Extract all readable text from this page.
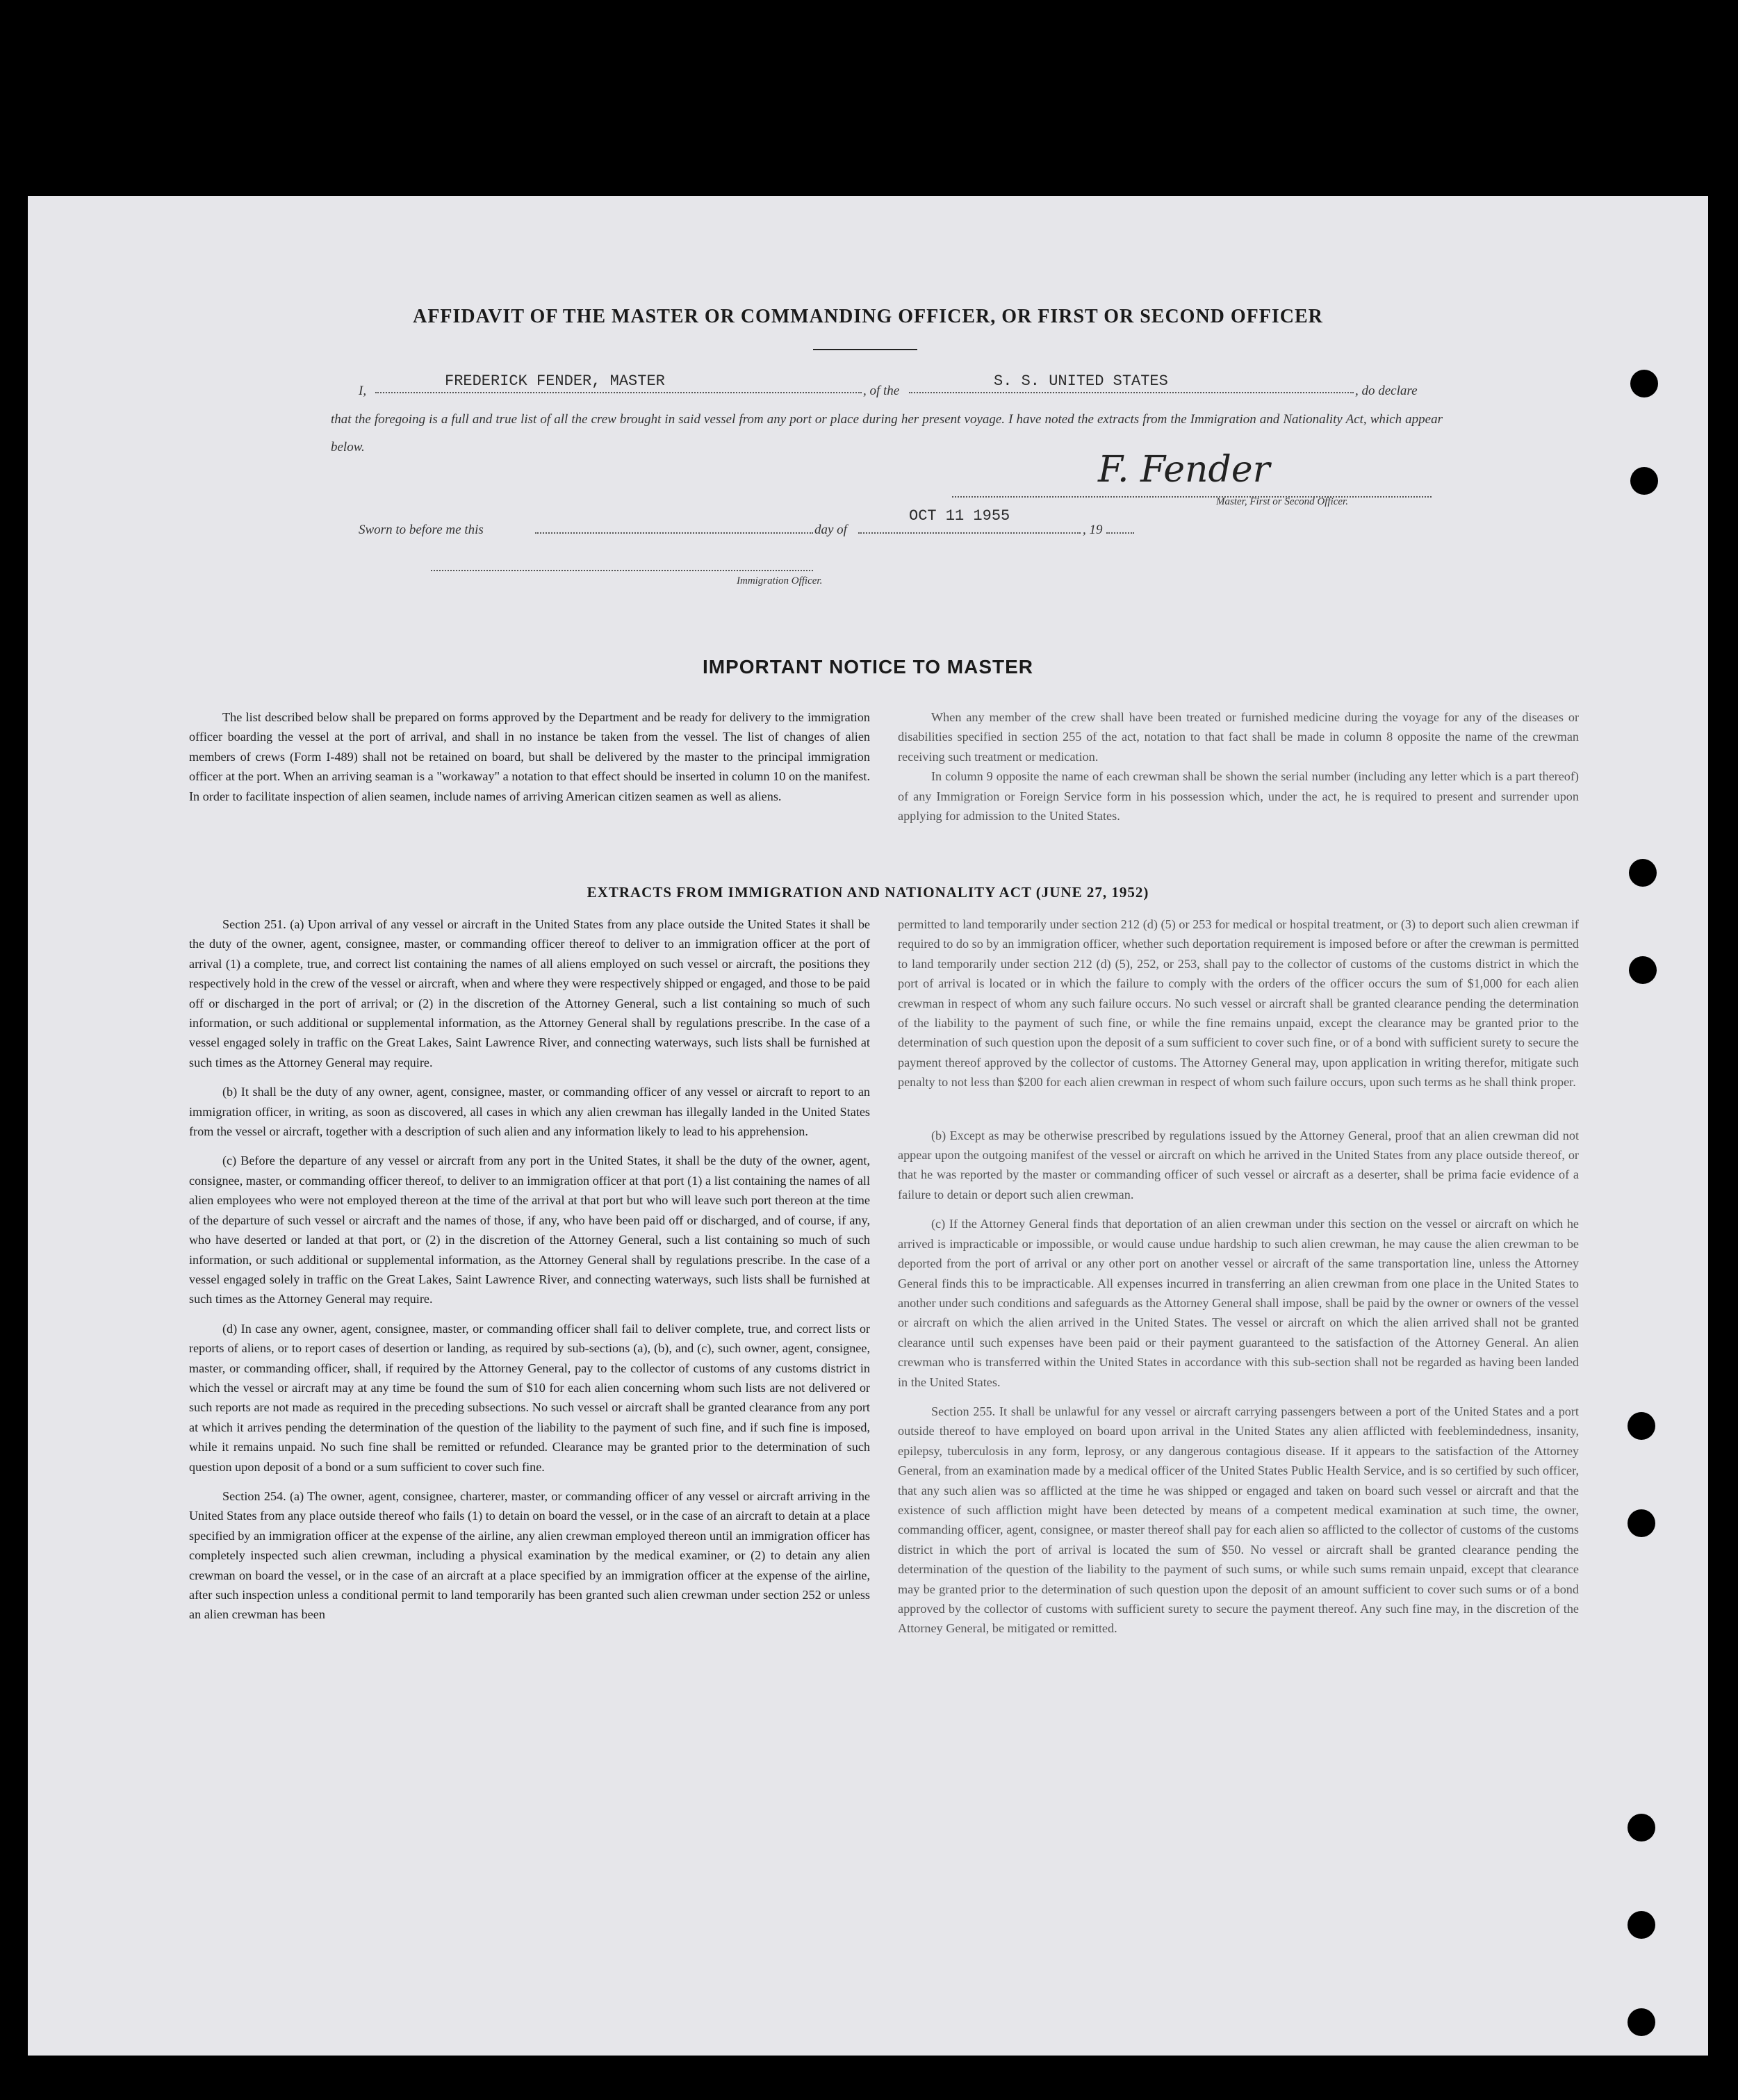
AFFIDAVIT OF THE MASTER OR COMMANDING OFFICER, OR FIRST OR SECOND OFFICER
I,
FREDERICK FENDER, MASTER
, of the
S. S. UNITED STATES
, do declare
that the foregoing is a full and true list of all the crew brought in said vessel from any port or place during her present voyage. I have noted the extracts from the Immigration and Nationality Act, which appear below.
F. Fender
Master, First or Second Officer.
Sworn to before me this	day of
OCT 11 1955
, 19
Immigration Officer.
IMPORTANT NOTICE TO MASTER

The list described below shall be prepared on forms approved by the Department and be ready for delivery to the immigration officer boarding the vessel at the port of arrival, and shall in no instance be taken from the vessel. The list of changes of alien members of crews (Form I-489) shall not be retained on board, but shall be delivered by the master to the principal immigration officer at the port. When an arriving seaman is a "workaway" a notation to that effect should be inserted in column 10 on the manifest. In order to facilitate inspection of alien seamen, include names of arriving American citizen seamen as well as aliens.

When any member of the crew shall have been treated or furnished medicine during the voyage for any of the diseases or disabilities specified in section 255 of the act, notation to that fact shall be made in column 8 opposite the name of the crewman receiving such treatment or medication.

In column 9 opposite the name of each crewman shall be shown the serial number (including any letter which is a part thereof) of any Immigration or Foreign Service form in his possession which, under the act, he is required to present and surrender upon applying for admission to the United States.

EXTRACTS FROM IMMIGRATION AND NATIONALITY ACT (JUNE 27, 1952)

Section 251. (a) Upon arrival of any vessel or aircraft in the United States from any place outside the United States it shall be the duty of the owner, agent, consignee, master, or commanding officer thereof to deliver to an immigration officer at the port of arrival (1) a complete, true, and correct list containing the names of all aliens employed on such vessel or aircraft, the positions they respectively hold in the crew of the vessel or aircraft, when and where they were respectively shipped or engaged, and those to be paid off or discharged in the port of arrival; or (2) in the discretion of the Attorney General, such a list containing so much of such information, or such additional or supplemental information, as the Attorney General shall by regulations prescribe. In the case of a vessel engaged solely in traffic on the Great Lakes, Saint Lawrence River, and connecting waterways, such lists shall be furnished at such times as the Attorney General may require.

(b) It shall be the duty of any owner, agent, consignee, master, or commanding officer of any vessel or aircraft to report to an immigration officer, in writing, as soon as discovered, all cases in which any alien crewman has illegally landed in the United States from the vessel or aircraft, together with a description of such alien and any information likely to lead to his apprehension.

(c) Before the departure of any vessel or aircraft from any port in the United States, it shall be the duty of the owner, agent, consignee, master, or commanding officer thereof, to deliver to an immigration officer at that port (1) a list containing the names of all alien employees who were not employed thereon at the time of the arrival at that port but who will leave such port thereon at the time of the departure of such vessel or aircraft and the names of those, if any, who have been paid off or discharged, and of course, if any, who have deserted or landed at that port, or (2) in the discretion of the Attorney General, such a list containing so much of such information, or such additional or supplemental information, as the Attorney General shall by regulations prescribe. In the case of a vessel engaged solely in traffic on the Great Lakes, Saint Lawrence River, and connecting waterways, such lists shall be furnished at such times as the Attorney General may require.

(d) In case any owner, agent, consignee, master, or commanding officer shall fail to deliver complete, true, and correct lists or reports of aliens, or to report cases of desertion or landing, as required by sub-sections (a), (b), and (c), such owner, agent, consignee, master, or commanding officer, shall, if required by the Attorney General, pay to the collector of customs of any customs district in which the vessel or aircraft may at any time be found the sum of $10 for each alien concerning whom such lists are not delivered or such reports are not made as required in the preceding subsections. No such vessel or aircraft shall be granted clearance from any port at which it arrives pending the determination of the question of the liability to the payment of such fine, and if such fine is imposed, while it remains unpaid. No such fine shall be remitted or refunded. Clearance may be granted prior to the determination of such question upon deposit of a bond or a sum sufficient to cover such fine.

Section 254. (a) The owner, agent, consignee, charterer, master, or commanding officer of any vessel or aircraft arriving in the United States from any place outside thereof who fails (1) to detain on board the vessel, or in the case of an aircraft to detain at a place specified by an immigration officer at the expense of the airline, any alien crewman employed thereon until an immigration officer has completely inspected such alien crewman, including a physical examination by the medical examiner, or (2) to detain any alien crewman on board the vessel, or in the case of an aircraft at a place specified by an immigration officer at the expense of the airline, after such inspection unless a conditional permit to land temporarily has been granted such alien crewman under section 252 or unless an alien crewman has been

permitted to land temporarily under section 212 (d) (5) or 253 for medical or hospital treatment, or (3) to deport such alien crewman if required to do so by an immigration officer, whether such deportation requirement is imposed before or after the crewman is permitted to land temporarily under section 212 (d) (5), 252, or 253, shall pay to the collector of customs of the customs district in which the port of arrival is located or in which the failure to comply with the orders of the officer occurs the sum of $1,000 for each alien crewman in respect of whom any such failure occurs. No such vessel or aircraft shall be granted clearance pending the determination of the liability to the payment of such fine, or while the fine remains unpaid, except the clearance may be granted prior to the determination of such question upon the deposit of a sum sufficient to cover such fine, or of a bond with sufficient surety to secure the payment thereof approved by the collector of customs. The Attorney General may, upon application in writing therefor, mitigate such penalty to not less than $200 for each alien crewman in respect of whom such failure occurs, upon such terms as he shall think proper.

(b) Except as may be otherwise prescribed by regulations issued by the Attorney General, proof that an alien crewman did not appear upon the outgoing manifest of the vessel or aircraft on which he arrived in the United States from any place outside thereof, or that he was reported by the master or commanding officer of such vessel or aircraft as a deserter, shall be prima facie evidence of a failure to detain or deport such alien crewman.

(c) If the Attorney General finds that deportation of an alien crewman under this section on the vessel or aircraft on which he arrived is impracticable or impossible, or would cause undue hardship to such alien crewman, he may cause the alien crewman to be deported from the port of arrival or any other port on another vessel or aircraft of the same transportation line, unless the Attorney General finds this to be impracticable. All expenses incurred in transferring an alien crewman from one place in the United States to another under such conditions and safeguards as the Attorney General shall impose, shall be paid by the owner or owners of the vessel or aircraft on which the alien arrived in the United States. The vessel or aircraft on which the alien arrived shall not be granted clearance until such expenses have been paid or their payment guaranteed to the satisfaction of the Attorney General. An alien crewman who is transferred within the United States in accordance with this sub-section shall not be regarded as having been landed in the United States.

Section 255. It shall be unlawful for any vessel or aircraft carrying passengers between a port of the United States and a port outside thereof to have employed on board upon arrival in the United States any alien afflicted with feeblemindedness, insanity, epilepsy, tuberculosis in any form, leprosy, or any dangerous contagious disease. If it appears to the satisfaction of the Attorney General, from an examination made by a medical officer of the United States Public Health Service, and is so certified by such officer, that any such alien was so afflicted at the time he was shipped or engaged and taken on board such vessel or aircraft and that the existence of such affliction might have been detected by means of a competent medical examination at such time, the owner, commanding officer, agent, consignee, or master thereof shall pay for each alien so afflicted to the collector of customs of the customs district in which the port of arrival is located the sum of $50. No vessel or aircraft shall be granted clearance pending the determination of the question of the liability to the payment of such sums, or while such sums remain unpaid, except that clearance may be granted prior to the determination of such question upon the deposit of an amount sufficient to cover such sums or of a bond approved by the collector of customs with sufficient surety to secure the payment thereof. Any such fine may, in the discretion of the Attorney General, be mitigated or remitted.
